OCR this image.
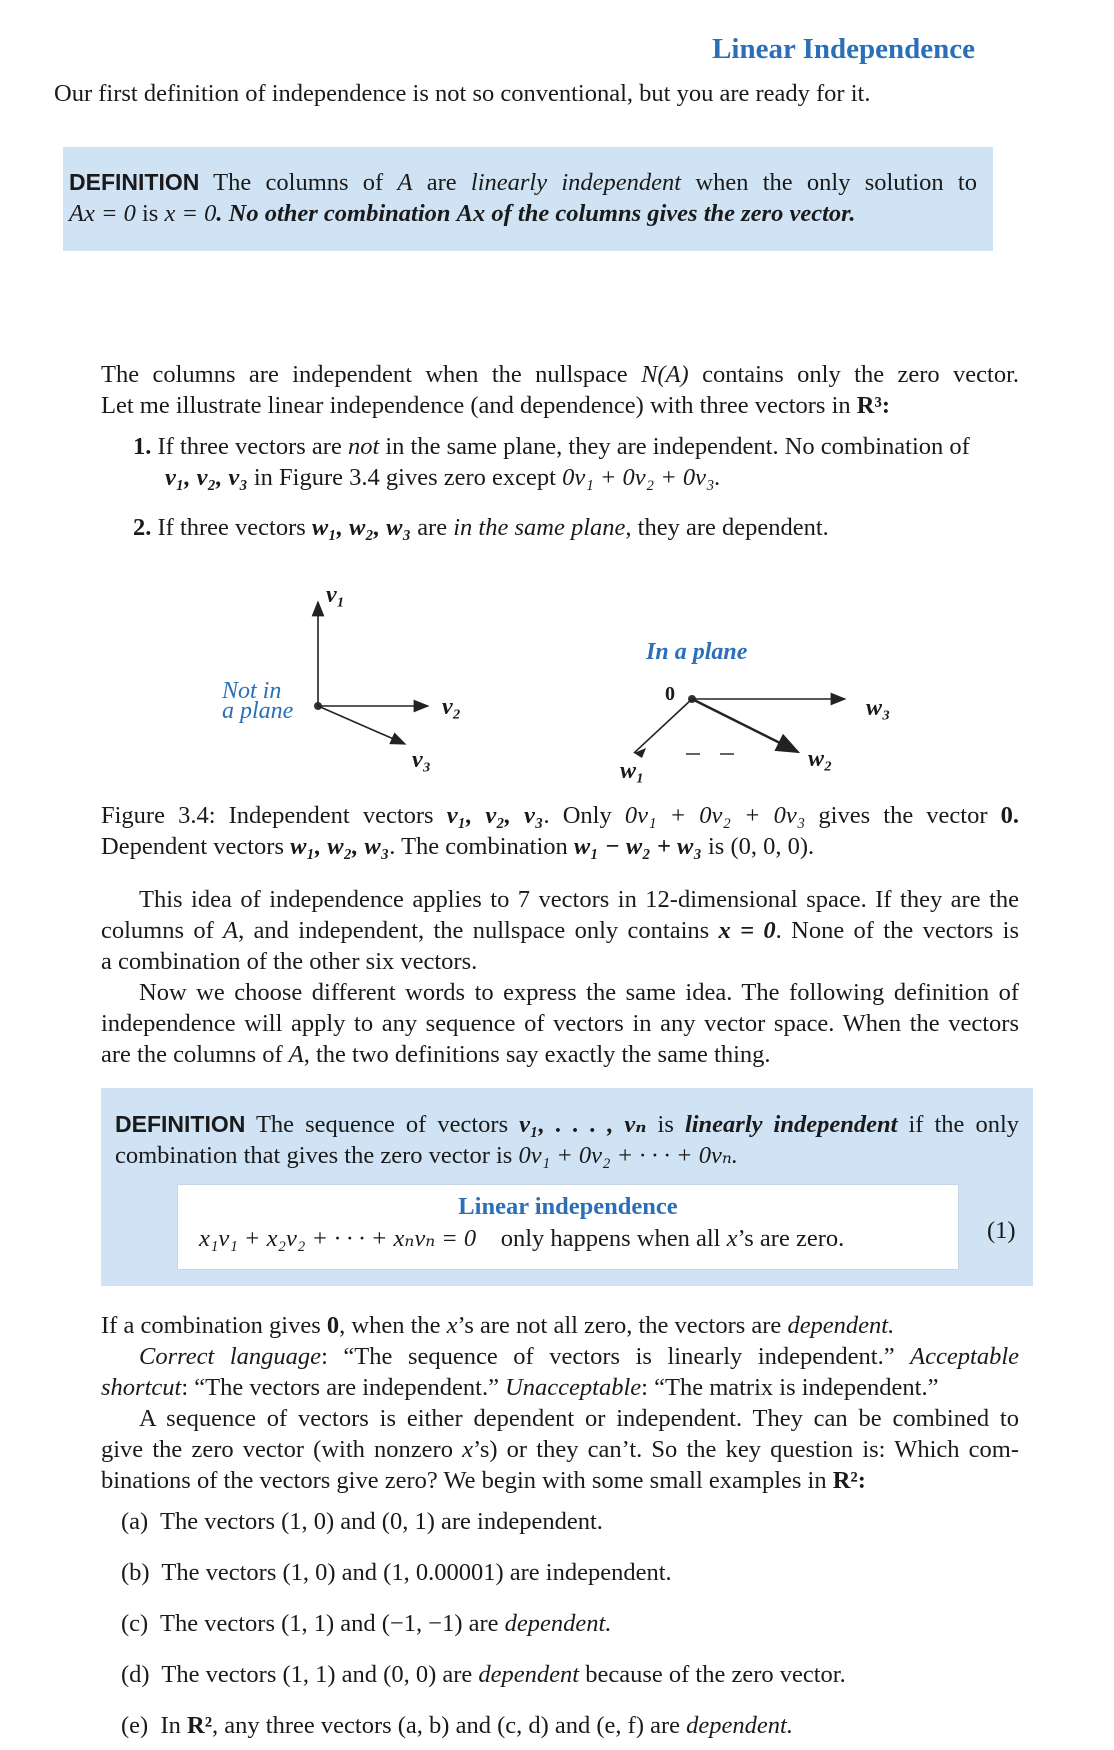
Linear Independence
Our first definition of independence is not so conventional, but you are ready for it.
DEFINITION The columns of A are linearly independent when the only solution to
Ax = 0 is x = 0. No other combination Ax of the columns gives the zero vector.
The columns are independent when the nullspace N(A) contains only the zero vector.
Let me illustrate linear independence (and dependence) with three vectors in R³:
1. If three vectors are not in the same plane, they are independent. No combination of
v₁, v₂, v₃ in Figure 3.4 gives zero except 0v₁ + 0v₂ + 0v₃.
2. If three vectors w₁, w₂, w₃ are in the same plane, they are dependent.
v₁
Not in
a plane	v₂
v₃
In a plane
0
w₃
w₂
w₁
Figure 3.4: Independent vectors v₁, v₂, v₃. Only 0v₁ + 0v₂ + 0v₃ gives the vector 0.
Dependent vectors w₁, w₂, w₃. The combination w₁ − w₂ + w₃ is (0, 0, 0).
This idea of independence applies to 7 vectors in 12-dimensional space. If they are the
columns of A, and independent, the nullspace only contains x = 0. None of the vectors is
a combination of the other six vectors.
Now we choose different words to express the same idea. The following definition of
independence will apply to any sequence of vectors in any vector space. When the vectors
are the columns of A, the two definitions say exactly the same thing.
DEFINITION The sequence of vectors v₁, . . . , vₙ is linearly independent if the only
combination that gives the zero vector is 0v₁ + 0v₂ + · · · + 0vₙ.
Linear independence
x₁v₁ + x₂v₂ + · · · + xₙvₙ = 0 only happens when all x’s are zero.	(1)
If a combination gives 0, when the x’s are not all zero, the vectors are dependent.
Correct language: “The sequence of vectors is linearly independent.” Acceptable
shortcut: “The vectors are independent.” Unacceptable: “The matrix is independent.”
A sequence of vectors is either dependent or independent. They can be combined to
give the zero vector (with nonzero x’s) or they can’t. So the key question is: Which com-
binations of the vectors give zero? We begin with some small examples in R²:
(a) The vectors (1, 0) and (0, 1) are independent.
(b) The vectors (1, 0) and (1, 0.00001) are independent.
(c) The vectors (1, 1) and (−1, −1) are dependent.
(d) The vectors (1, 1) and (0, 0) are dependent because of the zero vector.
(e) In R², any three vectors (a, b) and (c, d) and (e, f) are dependent.
